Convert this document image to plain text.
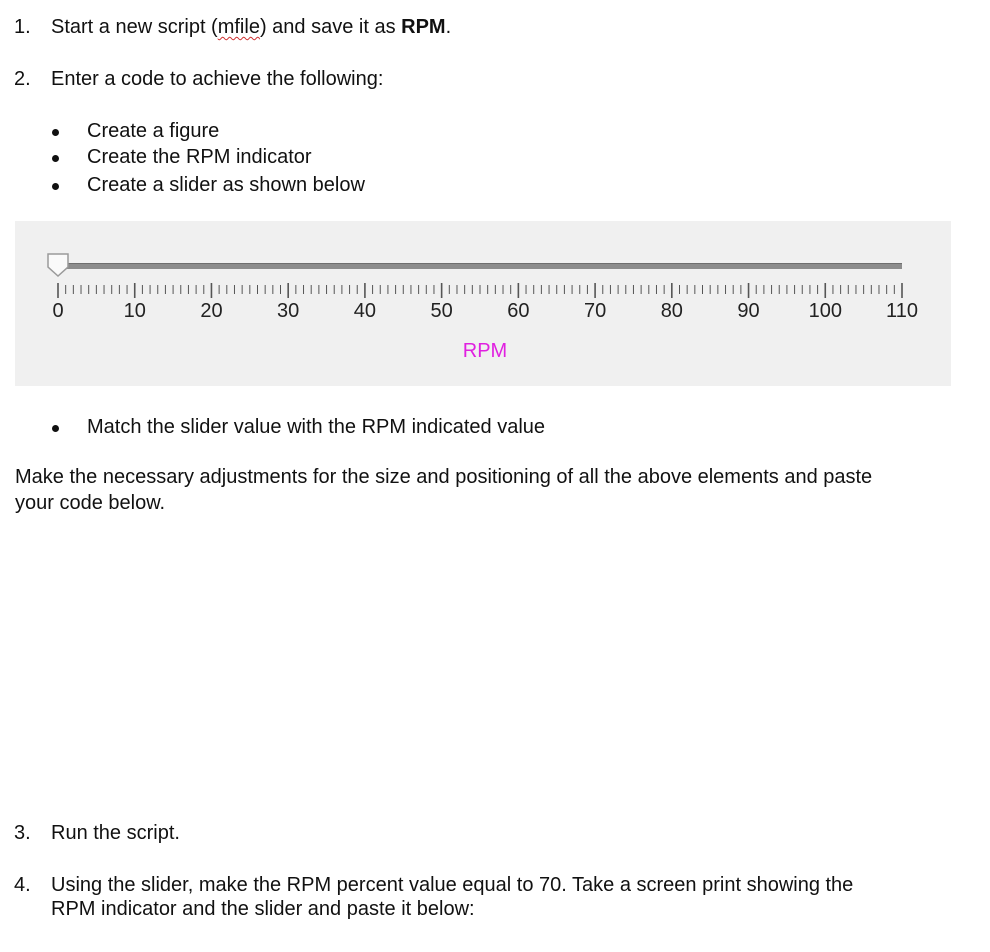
1. Start a new script (mfile) and save it as RPM.
2. Enter a code to achieve the following:
Create a figure
Create the RPM indicator
Create a slider as shown below
0	10	20	30	40	50	60	70	80	90 100 110
RPM
Match the slider value with the RPM indicated value
Make the necessary adjustments for the size and positioning of all the above elements and paste
your code below.
3. Run the script.
4. Using the slider, make the RPM percent value equal to 70. Take a screen print showing the
RPM indicator and the slider and paste it below:
